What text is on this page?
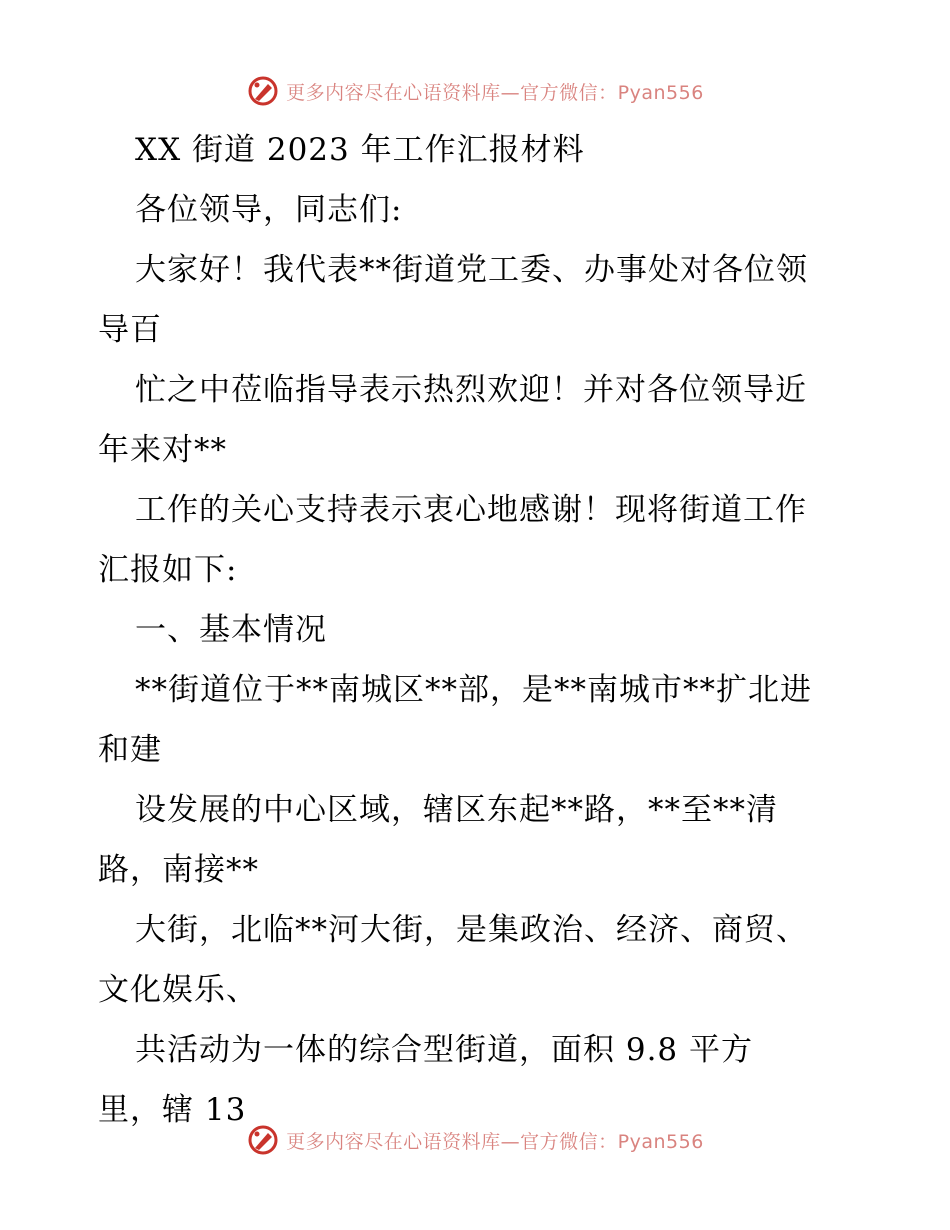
更多内容尽在心语资料库—官方微信：Pyan556
XX 街道 2023 年工作汇报材料
各位领导，同志们:
大家好！我代表**街道党工委、办事处对各位领
导百
忙之中莅临指导表示热烈欢迎！并对各位领导近
年来对**
工作的关心支持表示衷心地感谢！现将街道工作
汇报如下:
一、基本情况
**街道位于**南城区**部，是**南城市**扩北进
和建
设发展的中心区域，辖区东起**路，**至**清
路，南接**
大街，北临**河大街，是集政治、经济、商贸、
文化娱乐、
共活动为一体的综合型街道，面积 9.8 平方
里，辖 13
更多内容尽在心语资料库—官方微信：Pyan556
